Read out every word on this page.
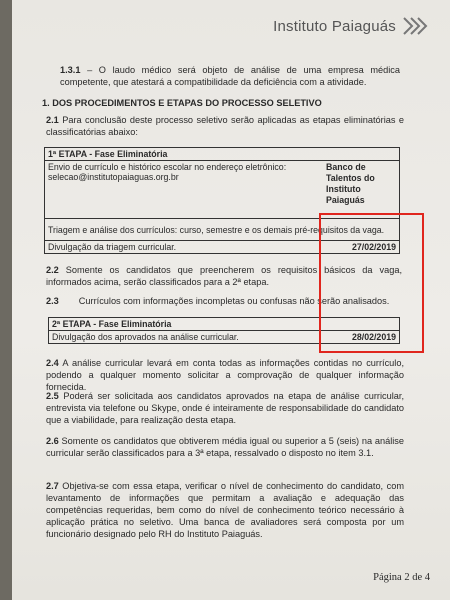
Instituto Paiaguás
1.3.1 – O laudo médico será objeto de análise de uma empresa médica competente, que atestará a compatibilidade da deficiência com a atividade.
1. DOS PROCEDIMENTOS E ETAPAS DO PROCESSO SELETIVO
2.1 Para conclusão deste processo seletivo serão aplicadas as etapas eliminatórias e classificatórias abaixo:
1ª ETAPA - Fase Eliminatória	
Envio de currículo e histórico escolar no endereço eletrônico: selecao@institutopaiaguas.org.br	Banco de Talentos do Instituto Paiaguás
Triagem e análise dos currículos: curso, semestre e os demais pré-requisitos da vaga.	
Divulgação da triagem curricular.	27/02/2019
2.2 Somente os candidatos que preencherem os requisitos básicos da vaga, informados acima, serão classificados para a 2ª etapa.
2.3 Currículos com informações incompletas ou confusas não serão analisados.
2ª ETAPA - Fase Eliminatória
Divulgação dos aprovados na análise curricular.	28/02/2019
2.4 A análise curricular levará em conta todas as informações contidas no currículo, podendo a qualquer momento solicitar a comprovação de qualquer informação fornecida.
2.5 Poderá ser solicitada aos candidatos aprovados na etapa de análise curricular, entrevista via telefone ou Skype, onde é inteiramente de responsabilidade do candidato que a viabilidade, para realização desta etapa.
2.6 Somente os candidatos que obtiverem média igual ou superior a 5 (seis) na análise curricular serão classificados para a 3ª etapa, ressalvado o disposto no item 3.1.
2.7 Objetiva-se com essa etapa, verificar o nível de conhecimento do candidato, com levantamento de informações que permitam a avaliação e adequação das competências requeridas, bem como do nível de conhecimento teórico necessário à aplicação prática no seletivo. Uma banca de avaliadores será composta por um funcionário designado pelo RH do Instituto Paiaguás.
Página 2 de 4
